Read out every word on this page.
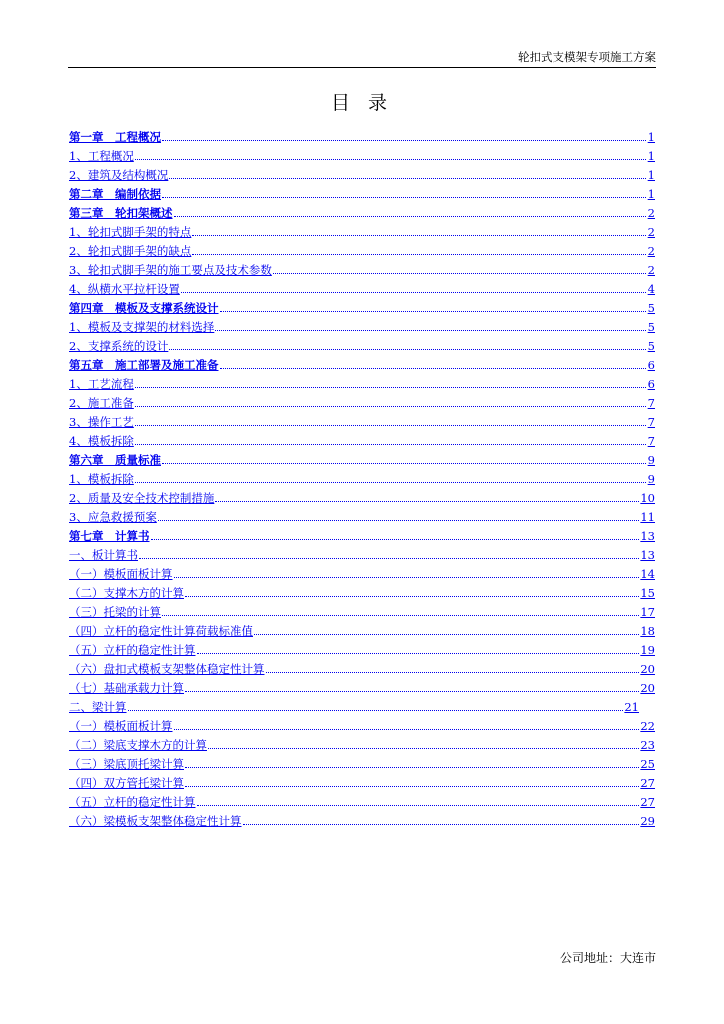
轮扣式支模架专项施工方案
目 录
第一章　工程概况	1
1、工程概况	1
2、建筑及结构概况	1
第二章　编制依据	1
第三章　轮扣架概述	2
1、轮扣式脚手架的特点	2
2、轮扣式脚手架的缺点	2
3、轮扣式脚手架的施工要点及技术参数	2
4、纵横水平拉杆设置	4
第四章　模板及支撑系统设计	5
1、模板及支撑架的材料选择	5
2、支撑系统的设计	5
第五章　施工部署及施工准备	6
1、工艺流程	6
2、施工准备	7
3、操作工艺	7
4、模板拆除	7
第六章　质量标准	9
1、模板拆除	9
2、质量及安全技术控制措施	10
3、应急救援预案	11
第七章　计算书	13
一、板计算书	13
（一）模板面板计算	14
（二）支撑木方的计算	15
（三）托梁的计算	17
（四）立杆的稳定性计算荷载标准值	18
（五）立杆的稳定性计算	19
（六）盘扣式模板支架整体稳定性计算	20
（七）基础承载力计算	20
二、梁计算	21
（一）模板面板计算	22
（二）梁底支撑木方的计算	23
（三）梁底顶托梁计算	25
（四）双方管托梁计算	27
（五）立杆的稳定性计算	27
（六）梁模板支架整体稳定性计算	29
公司地址：大连市
